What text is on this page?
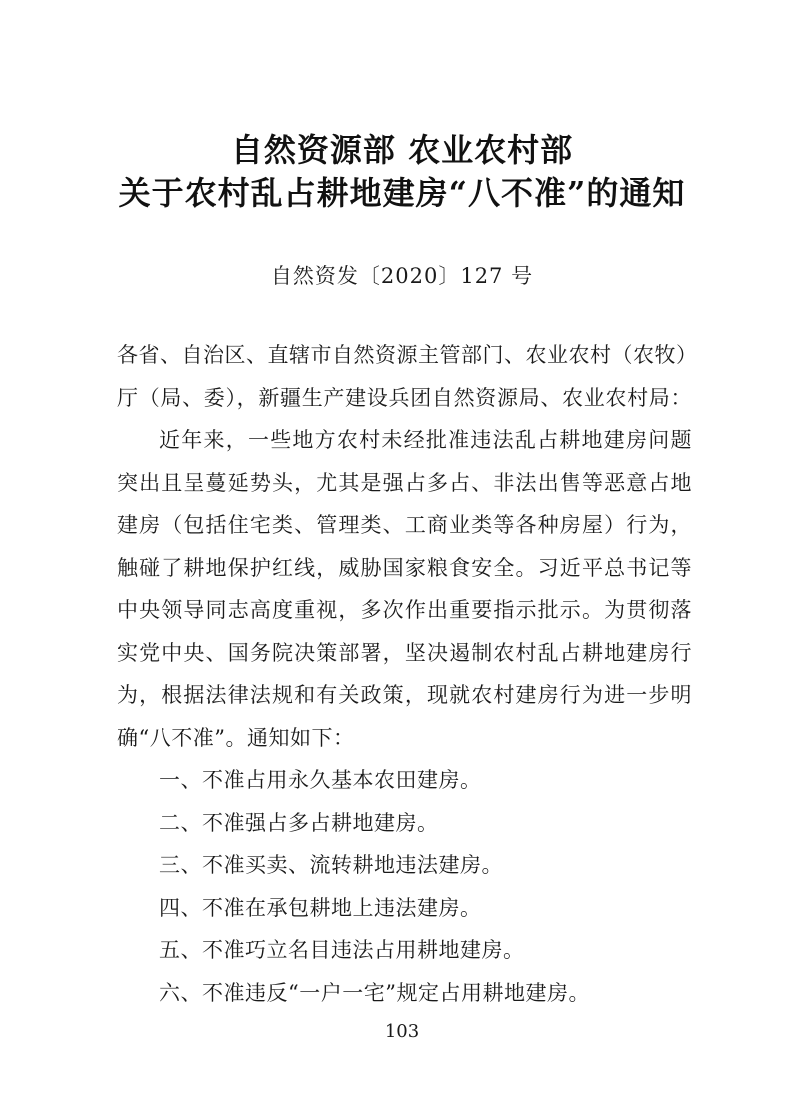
自然资源部 农业农村部
关于农村乱占耕地建房“八不准”的通知
自然资发〔2020〕127 号
各省、自治区、直辖市自然资源主管部门、农业农村（农牧）
厅（局、委），新疆生产建设兵团自然资源局、农业农村局：
近年来，一些地方农村未经批准违法乱占耕地建房问题
突出且呈蔓延势头，尤其是强占多占、非法出售等恶意占地
建房（包括住宅类、管理类、工商业类等各种房屋）行为，
触碰了耕地保护红线，威胁国家粮食安全。习近平总书记等
中央领导同志高度重视，多次作出重要指示批示。为贯彻落
实党中央、国务院决策部署，坚决遏制农村乱占耕地建房行
为，根据法律法规和有关政策，现就农村建房行为进一步明
确“八不准”。通知如下：
一、不准占用永久基本农田建房。
二、不准强占多占耕地建房。
三、不准买卖、流转耕地违法建房。
四、不准在承包耕地上违法建房。
五、不准巧立名目违法占用耕地建房。
六、不准违反“一户一宅”规定占用耕地建房。
103
